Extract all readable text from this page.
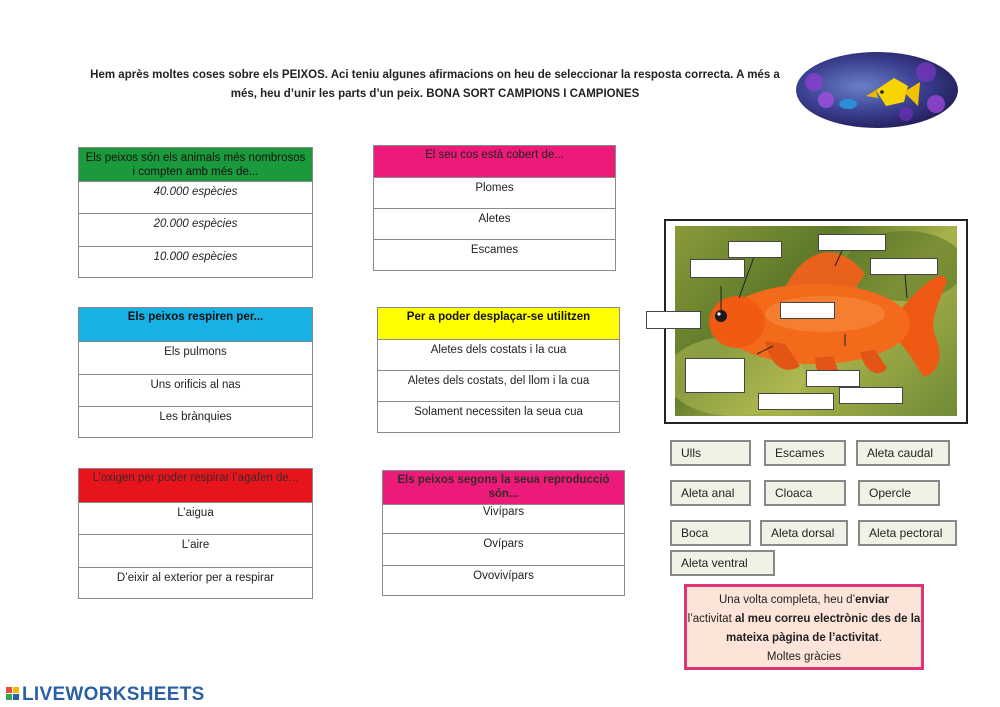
Hem après moltes coses sobre els PEIXOS. Aci teniu algunes afirmacions on heu de seleccionar la resposta correcta. A més a
més, heu d’unir les parts d’un peix. BONA SORT CAMPIONS I CAMPIONES
Els peixos són els animals més nombrosos i compten amb més de...
40.000 espècies
20.000 espècies
10.000 espècies
El seu cos està cobert de...
Plomes
Aletes
Escames
Els peixos respiren per...
Els pulmons
Uns orificis al nas
Les brànquies
Per a poder desplaçar-se utilitzen
Aletes dels costats i la cua
Aletes dels costats, del llom i la cua
Solament necessiten la seua cua
L’oxigen per poder respirar l’agafen de...
L’aigua
L’aire
D’eixir al exterior per a respirar
Els peixos segons la seua reproducció són...
Vivípars
Ovípars
Ovovivípars
Ulls	Escames	Aleta caudal
Aleta anal	Cloaca	Opercle
Boca	Aleta dorsal	Aleta pectoral
Aleta ventral
Una volta completa, heu d’enviar
l’activitat al meu correu electrònic des de la mateixa pàgina de l’activitat.
Moltes gràcies
LIVEWORKSHEETS
